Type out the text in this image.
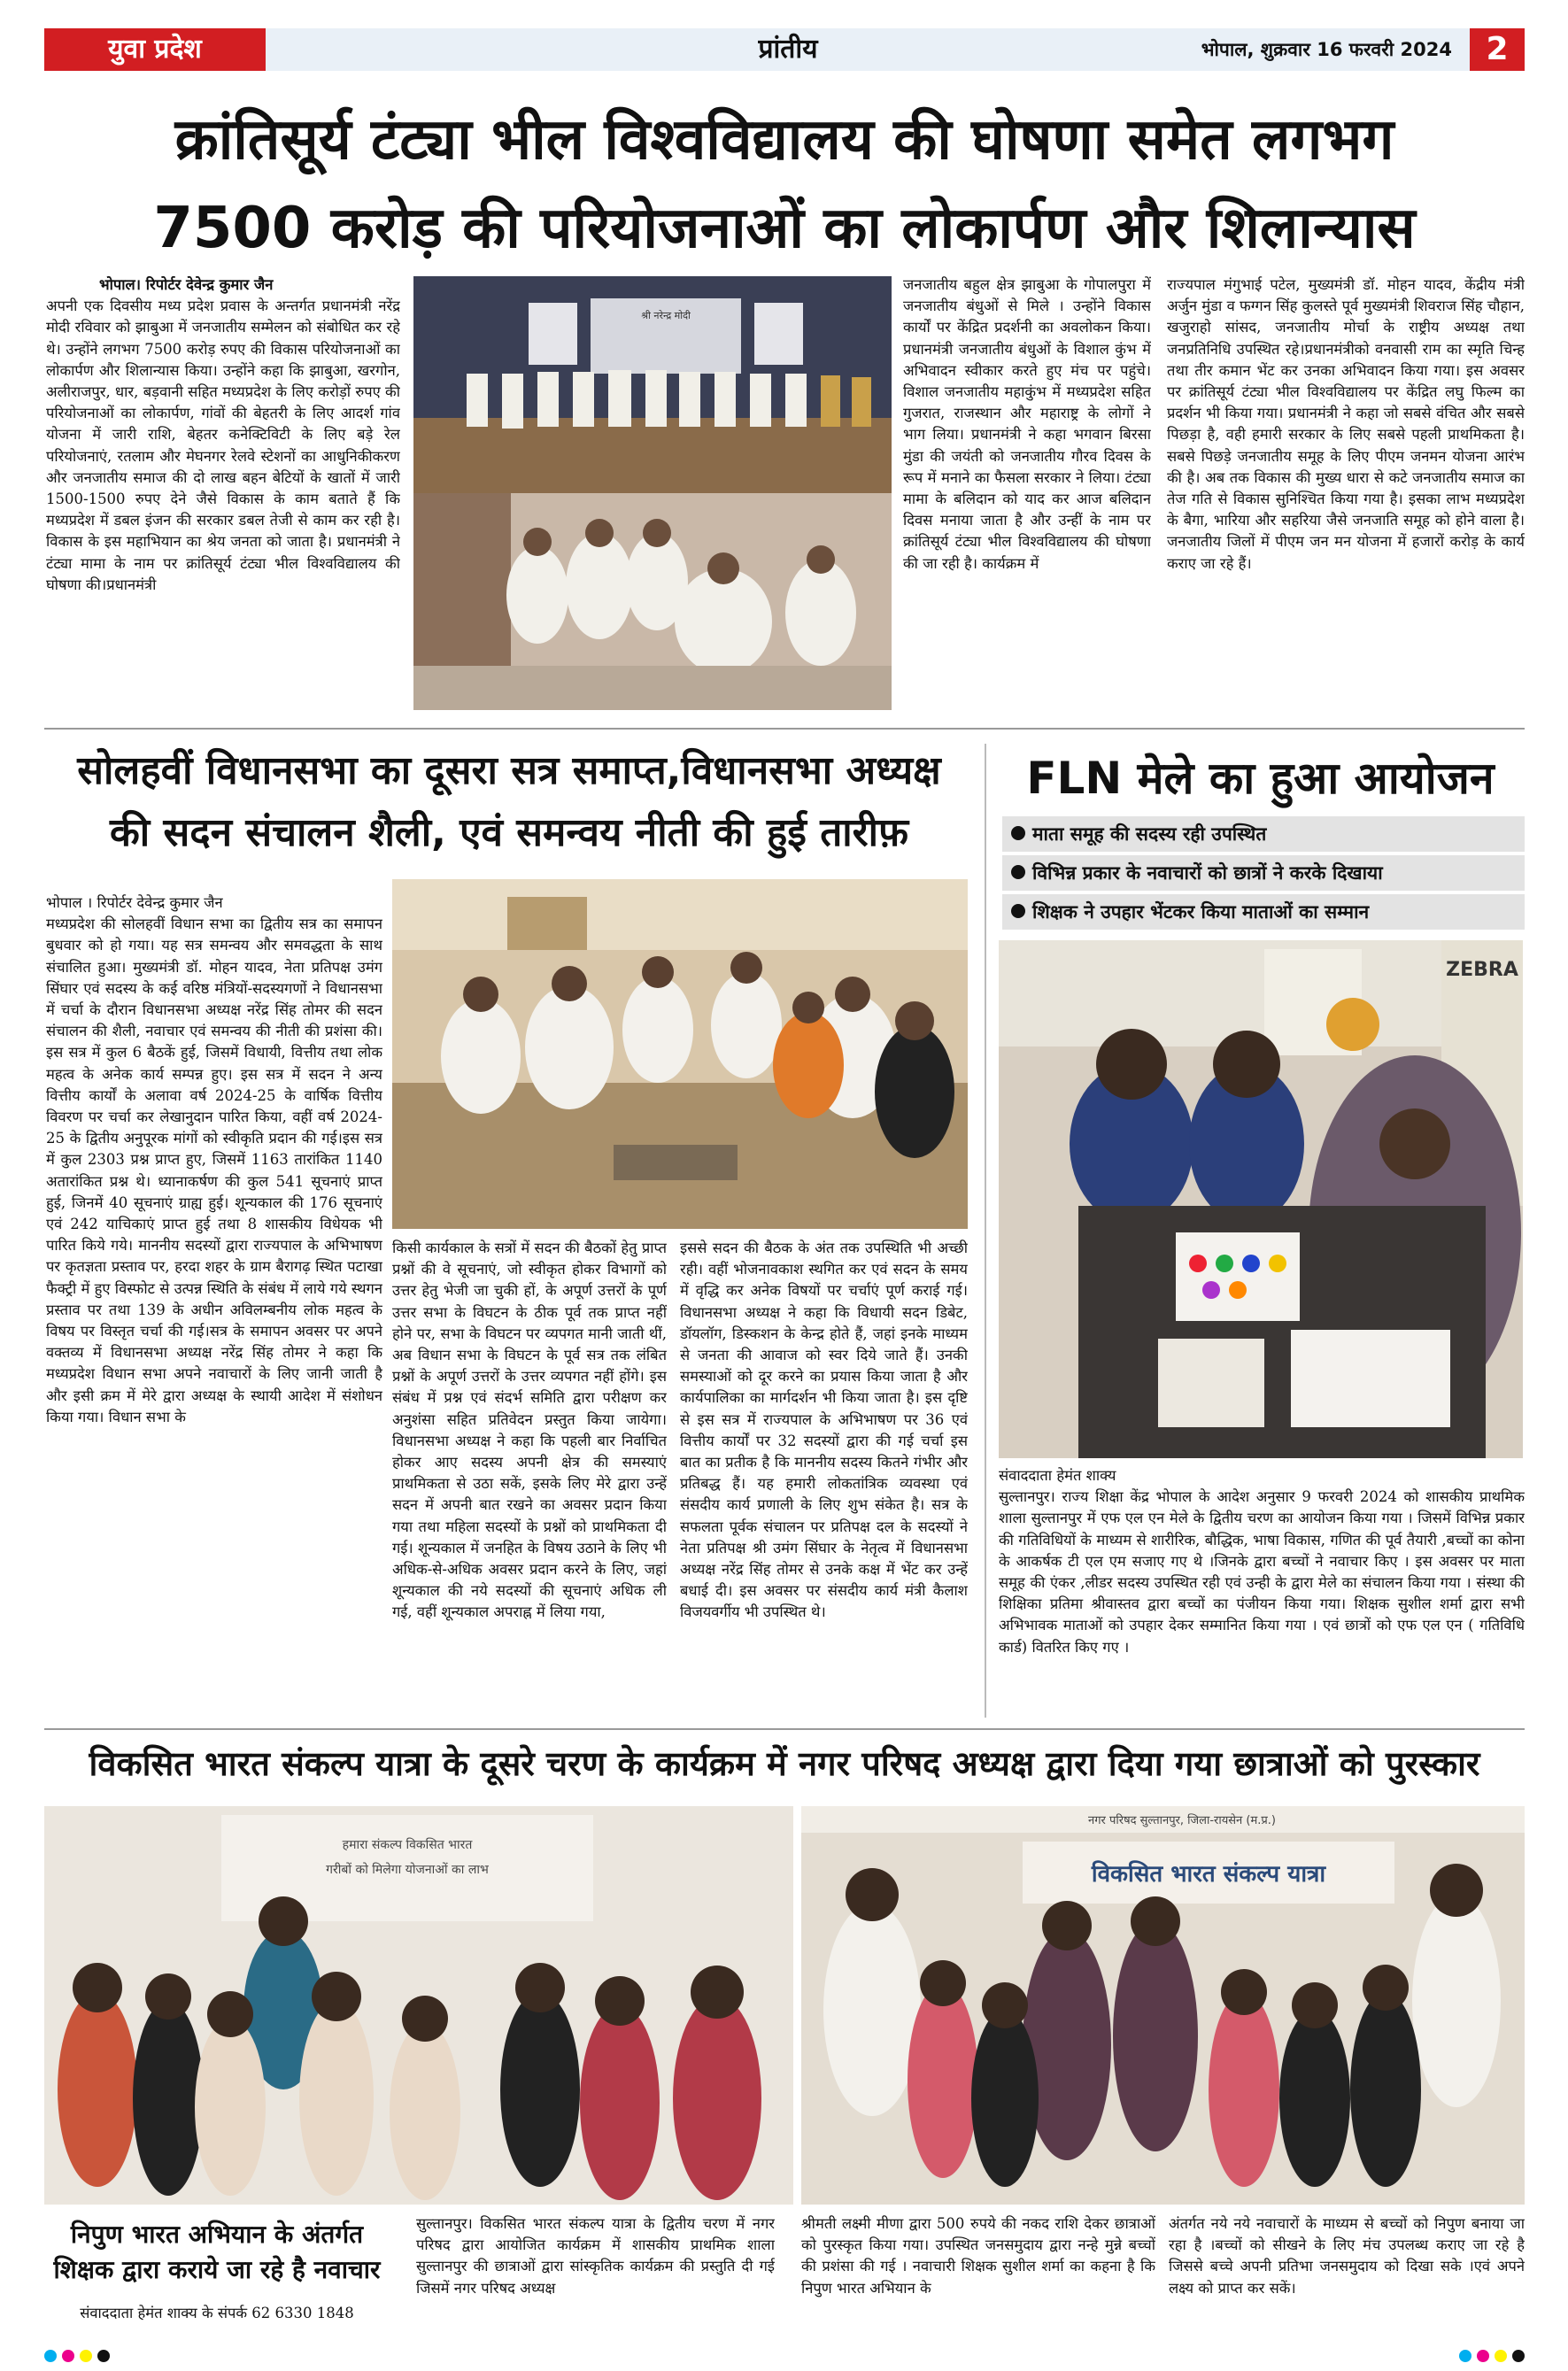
युवा प्रदेश	प्रांतीय	भोपाल, शुक्रवार 16 फरवरी 2024	2
क्रांतिसूर्य टंट्या भील विश्वविद्यालय की घोषणा समेत लगभग
7500 करोड़ की परियोजनाओं का लोकार्पण और शिलान्यास
भोपाल। रिपोर्टर देवेन्द्र कुमार जैन
अपनी एक दिवसीय मध्य प्रदेश प्रवास के अन्तर्गत प्रधानमंत्री नरेंद्र मोदी रविवार को झाबुआ में जनजातीय सम्मेलन को संबोधित कर रहे थे। उन्होंने लगभग 7500 करोड़ रुपए की विकास परियोजनाओं का लोकार्पण और शिलान्यास किया। उन्होंने कहा कि झाबुआ, खरगोन, अलीराजपुर, धार, बड़वानी सहित मध्यप्रदेश के लिए करोड़ों रुपए की परियोजनाओं का लोकार्पण, गांवों की बेहतरी के लिए आदर्श गांव योजना में जारी राशि, बेहतर कनेक्टिविटी के लिए बड़े रेल परियोजनाएं, रतलाम और मेघनगर रेलवे स्टेशनों का आधुनिकीकरण और जनजातीय समाज की दो लाख बहन बेटियों के खातों में जारी 1500-1500 रुपए देने जैसे विकास के काम बताते हैं कि मध्यप्रदेश में डबल इंजन की सरकार डबल तेजी से काम कर रही है। विकास के इस महाभियान का श्रेय जनता को जाता है। प्रधानमंत्री ने टंट्या मामा के नाम पर क्रांतिसूर्य टंट्या भील विश्वविद्यालय की घोषणा की।प्रधानमंत्री
श्री नरेन्द्र मोदी
जनजातीय बहुल क्षेत्र झाबुआ के गोपालपुरा में जनजातीय बंधुओं से मिले । उन्होंने विकास कार्यों पर केंद्रित प्रदर्शनी का अवलोकन किया। प्रधानमंत्री जनजातीय बंधुओं के विशाल कुंभ में अभिवादन स्वीकार करते हुए मंच पर पहुंचे। विशाल जनजातीय महाकुंभ में मध्यप्रदेश सहित गुजरात, राजस्थान और महाराष्ट्र के लोगों ने भाग लिया। प्रधानमंत्री ने कहा भगवान बिरसा मुंडा की जयंती को जनजातीय गौरव दिवस के रूप में मनाने का फैसला सरकार ने लिया। टंट्या मामा के बलिदान को याद कर आज बलिदान दिवस मनाया जाता है और उन्हीं के नाम पर क्रांतिसूर्य टंट्या भील विश्वविद्यालय की घोषणा की जा रही है। कार्यक्रम में
राज्यपाल मंगुभाई पटेल, मुख्यमंत्री डॉ. मोहन यादव, केंद्रीय मंत्री अर्जुन मुंडा व फग्गन सिंह कुलस्ते पूर्व मुख्यमंत्री शिवराज सिंह चौहान, खजुराहो सांसद, जनजातीय मोर्चा के राष्ट्रीय अध्यक्ष तथा जनप्रतिनिधि उपस्थित रहे।प्रधानमंत्रीको वनवासी राम का स्मृति चिन्ह तथा तीर कमान भेंट कर उनका अभिवादन किया गया। इस अवसर पर क्रांतिसूर्य टंट्या भील विश्वविद्यालय पर केंद्रित लघु फिल्म का प्रदर्शन भी किया गया। प्रधानमंत्री ने कहा जो सबसे वंचित और सबसे पिछड़ा है, वही हमारी सरकार के लिए सबसे पहली प्राथमिकता है। सबसे पिछड़े जनजातीय समूह के लिए पीएम जनमन योजना आरंभ की है। अब तक विकास की मुख्य धारा से कटे जनजातीय समाज का तेज गति से विकास सुनिश्चित किया गया है। इसका लाभ मध्यप्रदेश के बैगा, भारिया और सहरिया जैसे जनजाति समूह को होने वाला है। जनजातीय जिलों में पीएम जन मन योजना में हजारों करोड़ के कार्य कराए जा रहे हैं।
सोलहवीं विधानसभा का दूसरा सत्र समाप्त,विधानसभा अध्यक्ष
की सदन संचालन शैली, एवं समन्वय नीती की हुई तारीफ़
भोपाल । रिपोर्टर देवेन्द्र कुमार जैन
मध्यप्रदेश की सोलहवीं विधान सभा का द्वितीय सत्र का समापन बुधवार को हो गया। यह सत्र समन्वय और समवद्धता के साथ संचालित हुआ। मुख्यमंत्री डॉ. मोहन यादव, नेता प्रतिपक्ष उमंग सिंघार एवं सदस्य के कई वरिष्ठ मंत्रियों-सदस्यगणों ने विधानसभा में चर्चा के दौरान विधानसभा अध्यक्ष नरेंद्र सिंह तोमर की सदन संचालन की शैली, नवाचार एवं समन्वय की नीती की प्रशंसा की। इस सत्र में कुल 6 बैठकें हुई, जिसमें विधायी, वित्तीय तथा लोक महत्व के अनेक कार्य सम्पन्न हुए। इस सत्र में सदन ने अन्य वित्तीय कार्यों के अलावा वर्ष 2024-25 के वार्षिक वित्तीय विवरण पर चर्चा कर लेखानुदान पारित किया, वहीं वर्ष 2024-25 के द्वितीय अनुपूरक मांगों को स्वीकृति प्रदान की गई।इस सत्र में कुल 2303 प्रश्न प्राप्त हुए, जिसमें 1163 तारांकित 1140 अतारांकित प्रश्न थे। ध्यानाकर्षण की कुल 541 सूचनाएं प्राप्त हुई, जिनमें 40 सूचनाएं ग्राह्य हुई। शून्यकाल की 176 सूचनाएं एवं 242 याचिकाएं प्राप्त हुई तथा 8 शासकीय विधेयक भी पारित किये गये। माननीय सदस्यों द्वारा राज्यपाल के अभिभाषण पर कृतज्ञता प्रस्ताव पर, हरदा शहर के ग्राम बैरागढ़ स्थित पटाखा फैक्ट्री में हुए विस्फोट से उत्पन्न स्थिति के संबंध में लाये गये स्थगन प्रस्ताव पर तथा 139 के अधीन अविलम्बनीय लोक महत्व के विषय पर विस्तृत चर्चा की गई।सत्र के समापन अवसर पर अपने वक्तव्य में विधानसभा अध्यक्ष नरेंद्र सिंह तोमर ने कहा कि मध्यप्रदेश विधान सभा अपने नवाचारों के लिए जानी जाती है और इसी क्रम में मेरे द्वारा अध्यक्ष के स्थायी आदेश में संशोधन किया गया। विधान सभा के
किसी कार्यकाल के सत्रों में सदन की बैठकों हेतु प्राप्त प्रश्नों की वे सूचनाएं, जो स्वीकृत होकर विभागों को उत्तर हेतु भेजी जा चुकी हों, के अपूर्ण उत्तरों के पूर्ण उत्तर सभा के विघटन के ठीक पूर्व तक प्राप्त नहीं होने पर, सभा के विघटन पर व्यपगत मानी जाती थीं, अब विधान सभा के विघटन के पूर्व सत्र तक लंबित प्रश्नों के अपूर्ण उत्तरों के उत्तर व्यपगत नहीं होंगे। इस संबंध में प्रश्न एवं संदर्भ समिति द्वारा परीक्षण कर अनुशंसा सहित प्रतिवेदन प्रस्तुत किया जायेगा। विधानसभा अध्यक्ष ने कहा कि पहली बार निर्वाचित होकर आए सदस्य अपनी क्षेत्र की समस्याएं प्राथमिकता से उठा सकें, इसके लिए मेरे द्वारा उन्हें सदन में अपनी बात रखने का अवसर प्रदान किया गया तथा महिला सदस्यों के प्रश्नों को प्राथमिकता दी गई। शून्यकाल में जनहित के विषय उठाने के लिए भी अधिक-से-अधिक अवसर प्रदान करने के लिए, जहां शून्यकाल की नये सदस्यों की सूचनाएं अधिक ली गई, वहीं शून्यकाल अपराह्न में लिया गया,
इससे सदन की बैठक के अंत तक उपस्थिति भी अच्छी रही। वहीं भोजनावकाश स्थगित कर एवं सदन के समय में वृद्धि कर अनेक विषयों पर चर्चाएं पूर्ण कराई गई।विधानसभा अध्यक्ष ने कहा कि विधायी सदन डिबेट, डॉयलॉग, डिस्कशन के केन्द्र होते हैं, जहां इनके माध्यम से जनता की आवाज को स्वर दिये जाते हैं। उनकी समस्याओं को दूर करने का प्रयास किया जाता है और कार्यपालिका का मार्गदर्शन भी किया जाता है। इस दृष्टि से इस सत्र में राज्यपाल के अभिभाषण पर 36 एवं वित्तीय कार्यों पर 32 सदस्यों द्वारा की गई चर्चा इस बात का प्रतीक है कि माननीय सदस्य कितने गंभीर और प्रतिबद्ध हैं। यह हमारी लोकतांत्रिक व्यवस्था एवं संसदीय कार्य प्रणाली के लिए शुभ संकेत है। सत्र के सफलता पूर्वक संचालन पर प्रतिपक्ष दल के सदस्यों ने नेता प्रतिपक्ष श्री उमंग सिंघार के नेतृत्व में विधानसभा अध्यक्ष नरेंद्र सिंह तोमर से उनके कक्ष में भेंट कर उन्हें बधाई दी। इस अवसर पर संसदीय कार्य मंत्री कैलाश विजयवर्गीय भी उपस्थित थे।
FLN मेले का हुआ आयोजन
माता समूह की सदस्य रही उपस्थित
विभिन्न प्रकार के नवाचारों को छात्रों ने करके दिखाया
शिक्षक ने उपहार भेंटकर किया माताओं का सम्मान
ZEBRA
संवाददाता हेमंत शाक्य
सुल्तानपुर। राज्य शिक्षा केंद्र भोपाल के आदेश अनुसार 9 फरवरी 2024 को शासकीय प्राथमिक शाला सुल्तानपुर में एफ एल एन मेले के द्वितीय चरण का आयोजन किया गया । जिसमें विभिन्न प्रकार की गतिविधियों के माध्यम से शारीरिक, बौद्धिक, भाषा विकास, गणित की पूर्व तैयारी ,बच्चों का कोना के आकर्षक टी एल एम सजाए गए थे ।जिनके द्वारा बच्चों ने नवाचार किए । इस अवसर पर माता समूह की एंकर ,लीडर सदस्य उपस्थित रही एवं उन्ही के द्वारा मेले का संचालन किया गया । संस्था की शिक्षिका प्रतिमा श्रीवास्तव द्वारा बच्चों का पंजीयन किया गया। शिक्षक सुशील शर्मा द्वारा सभी अभिभावक माताओं को उपहार देकर सम्मानित किया गया । एवं छात्रों को एफ एल एन ( गतिविधि कार्ड) वितरित किए गए ।
विकसित भारत संकल्प यात्रा के दूसरे चरण के कार्यक्रम में नगर परिषद अध्यक्ष द्वारा दिया गया छात्राओं को पुरस्कार
हमारा संकल्प विकसित भारत
गरीबों को मिलेगा योजनाओं का लाभ
नगर परिषद सुल्तानपुर, जिला-रायसेन (म.प्र.)
विकसित भारत संकल्प यात्रा
निपुण भारत अभियान के अंतर्गत
शिक्षक द्वारा कराये जा रहे है नवाचार
संवाददाता हेमंत शाक्य के संपर्क 62 6330 1848
सुल्तानपुर। विकसित भारत संकल्प यात्रा के द्वितीय चरण में नगर परिषद द्वारा आयोजित कार्यक्रम में शासकीय प्राथमिक शाला सुल्तानपुर की छात्राओं द्वारा सांस्कृतिक कार्यक्रम की प्रस्तुति दी गई जिसमें नगर परिषद अध्यक्ष
श्रीमती लक्ष्मी मीणा द्वारा 500 रुपये की नकद राशि देकर छात्राओं को पुरस्कृत किया गया। उपस्थित जनसमुदाय द्वारा नन्हे मुन्ने बच्चों की प्रशंसा की गई । नवाचारी शिक्षक सुशील शर्मा का कहना है कि निपुण भारत अभियान के
अंतर्गत नये नये नवाचारों के माध्यम से बच्चों को निपुण बनाया जा रहा है ।बच्चों को सीखने के लिए मंच उपलब्ध कराए जा रहे है जिससे बच्चे अपनी प्रतिभा जनसमुदाय को दिखा सके ।एवं अपने लक्ष्य को प्राप्त कर सकें।
